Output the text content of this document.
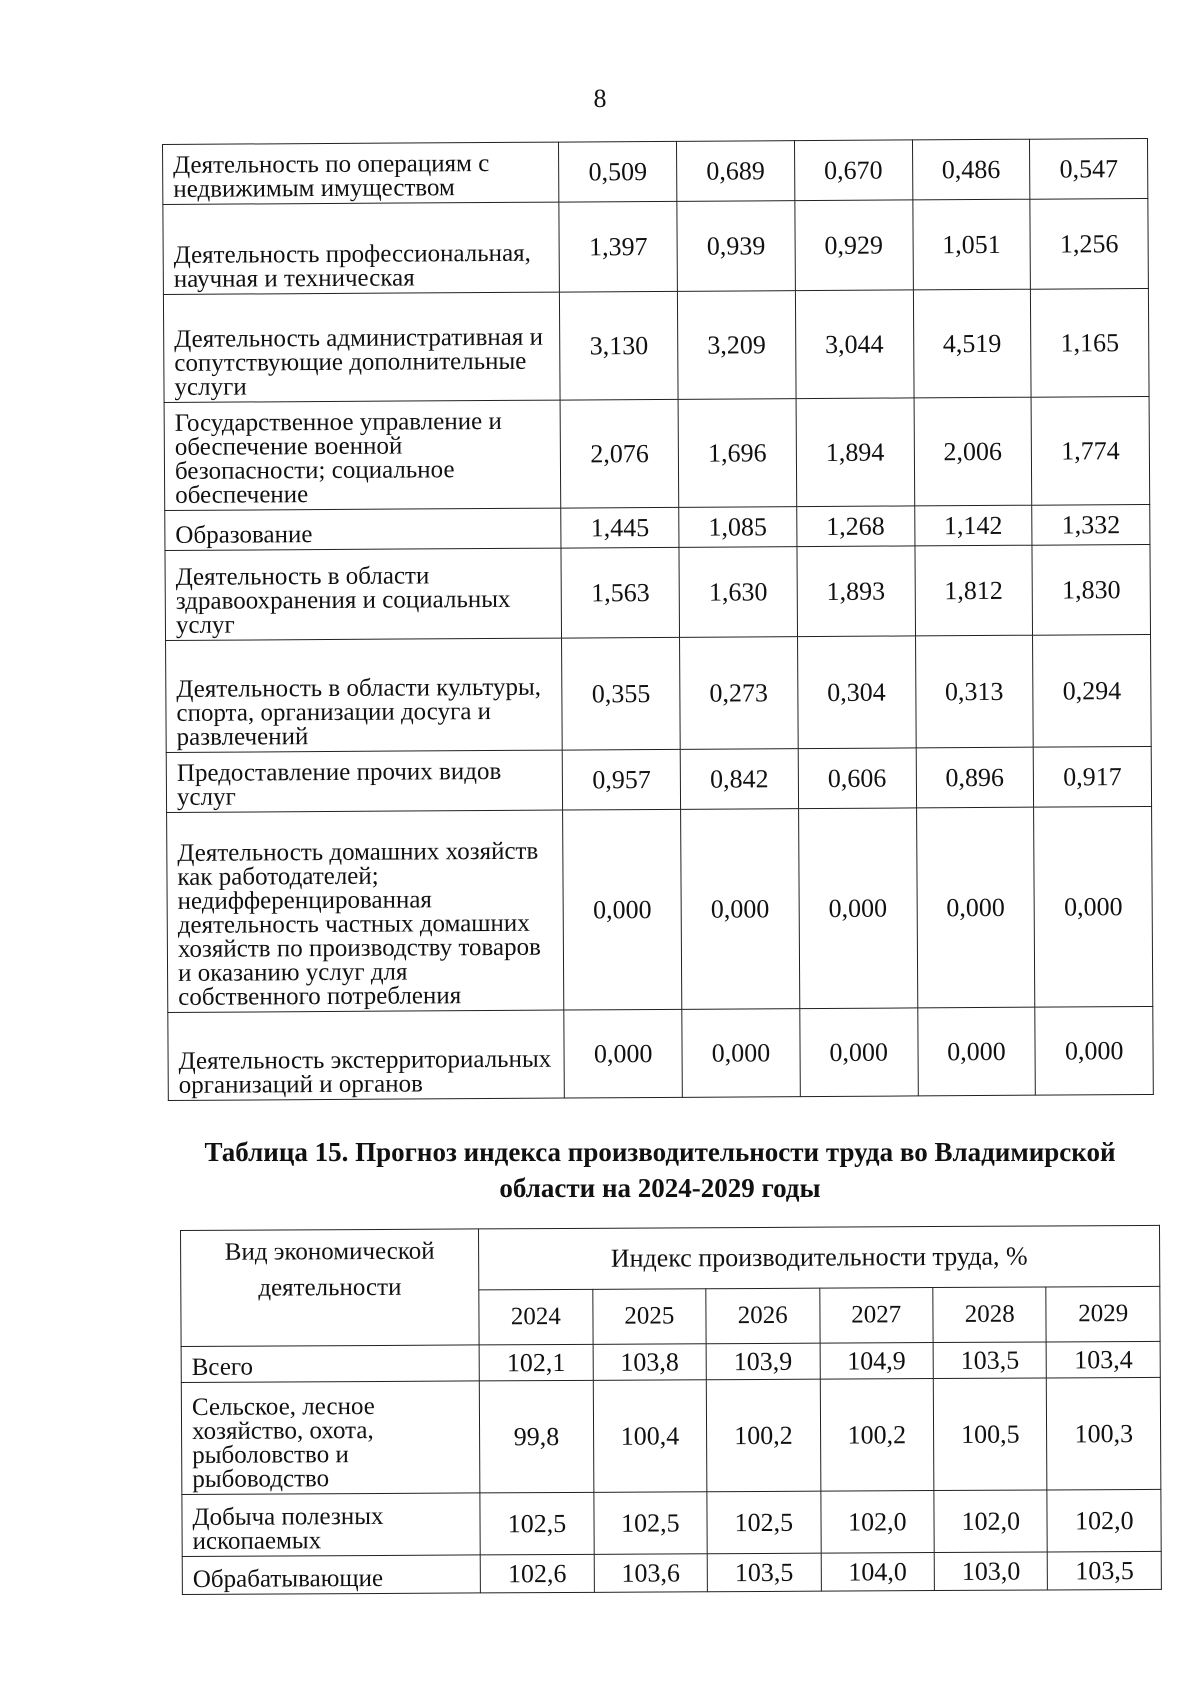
8
Деятельность по операциям с недвижимым имуществом	0,509	0,689	0,670	0,486	0,547
Деятельность профессиональная, научная и техническая	1,397	0,939	0,929	1,051	1,256
Деятельность административная и сопутствующие дополнительные услуги	3,130	3,209	3,044	4,519	1,165
Государственное управление и обеспечение военной безопасности; социальное обеспечение	2,076	1,696	1,894	2,006	1,774
Образование	1,445	1,085	1,268	1,142	1,332
Деятельность в области здравоохранения и социальных услуг	1,563	1,630	1,893	1,812	1,830
Деятельность в области культуры, спорта, организации досуга и развлечений	0,355	0,273	0,304	0,313	0,294
Предоставление прочих видов услуг	0,957	0,842	0,606	0,896	0,917
Деятельность домашних хозяйств как работодателей; недифференцированная деятельность частных домашних хозяйств по производству товаров и оказанию услуг для собственного потребления	0,000	0,000	0,000	0,000	0,000
Деятельность экстерриториальных организаций и органов	0,000	0,000	0,000	0,000	0,000
Таблица 15. Прогноз индекса производительности труда во Владимирской области на 2024-2029 годы
Вид экономической деятельности	Индекс производительности труда, %					
	2024	2025	2026	2027	2028	2029
Всего	102,1	103,8	103,9	104,9	103,5	103,4
Сельское, лесное хозяйство, охота, рыболовство и рыбоводство	99,8	100,4	100,2	100,2	100,5	100,3
Добыча полезных ископаемых	102,5	102,5	102,5	102,0	102,0	102,0
Обрабатывающие	102,6	103,6	103,5	104,0	103,0	103,5
